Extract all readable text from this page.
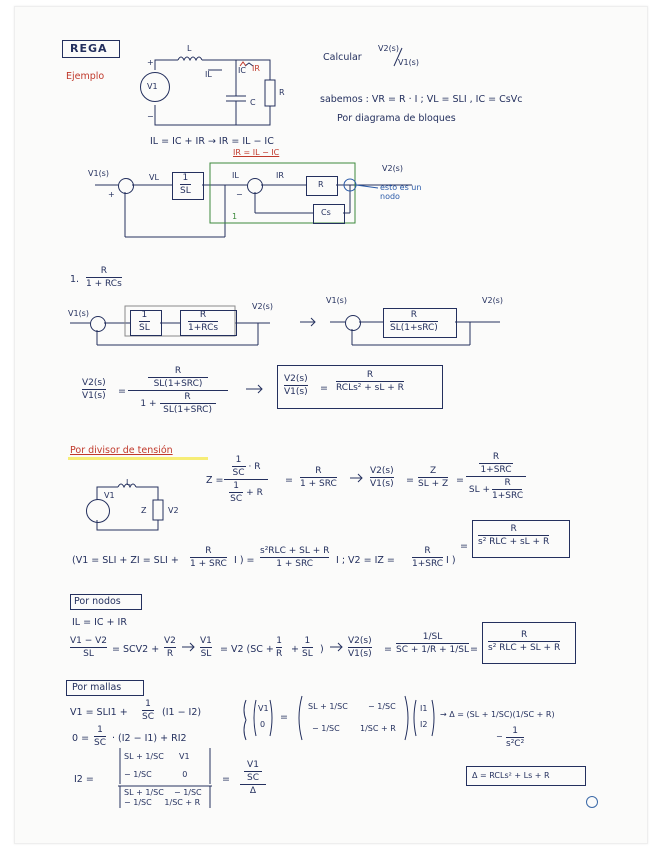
REGA
Ejemplo
Calcular
V2(s)
V1(s)
sabemos : VR = R · I ; VL = SLI , IC = CsVc
Por diagrama de bloques
IL = IC + IR → IR = IL − IC
IR = IL − IC
V1
L
IL	IC IR
C
R
+
−
V1(s)	VL	1
SL
IL	IR
R
Cs
V2(s)
esto es un nodo
1
+	−
1.
R
1 + RCs
V1(s)	1
SL
R
1+RCs
V2(s)
V1(s)
R
SL(1+sRC)
V2(s)
V2(s)
V1(s) =
R
SL(1+SRC)
1 +
R
SL(1+SRC)
V2(s)
V1(s) =
R
RCLs² + sL + R
Por divisor de tensión
V1
L
Z	V2
Z =
1
SC
· R
1
SC
+ R
=
R
1 + SRC
V2(s)
V1(s) =
Z
SL + Z =
R
1+SRC
SL +
R
1+SRC
(V1 = SLI + ZI = SLI +
R
1 + SRC I ) =
s²RLC + SL + R
1 + SRC I ; V2 = IZ =
R
1+SRC I )
=
R
s² RLC + sL + R
Por nodos
IL = IC + IR
V1 − V2
SL = SCV2 +
V2
R
V1
SL = V2 (SC +
1
R +
1
SL )
V2(s)
V1(s) =
1/SL
SC + 1/R + 1/SL =
R
s² RLC + SL + R
Por mallas
V1 = SLI1 +
1
SC (I1 − I2)
0 =
1
SC · (I2 − I1) + RI2
V1
0
=
SL + 1/SC	− 1/SC
− 1/SC	1/SC + R
I1
I2
→ Δ = (SL + 1/SC)(1/SC + R)
−
1
s²C²
I2 =
SL + 1/SC      V1
− 1/SC            0
SL + 1/SC    − 1/SC
− 1/SC     1/SC + R
=
V1
SC
Δ
Δ = RCLs² + Ls + R
